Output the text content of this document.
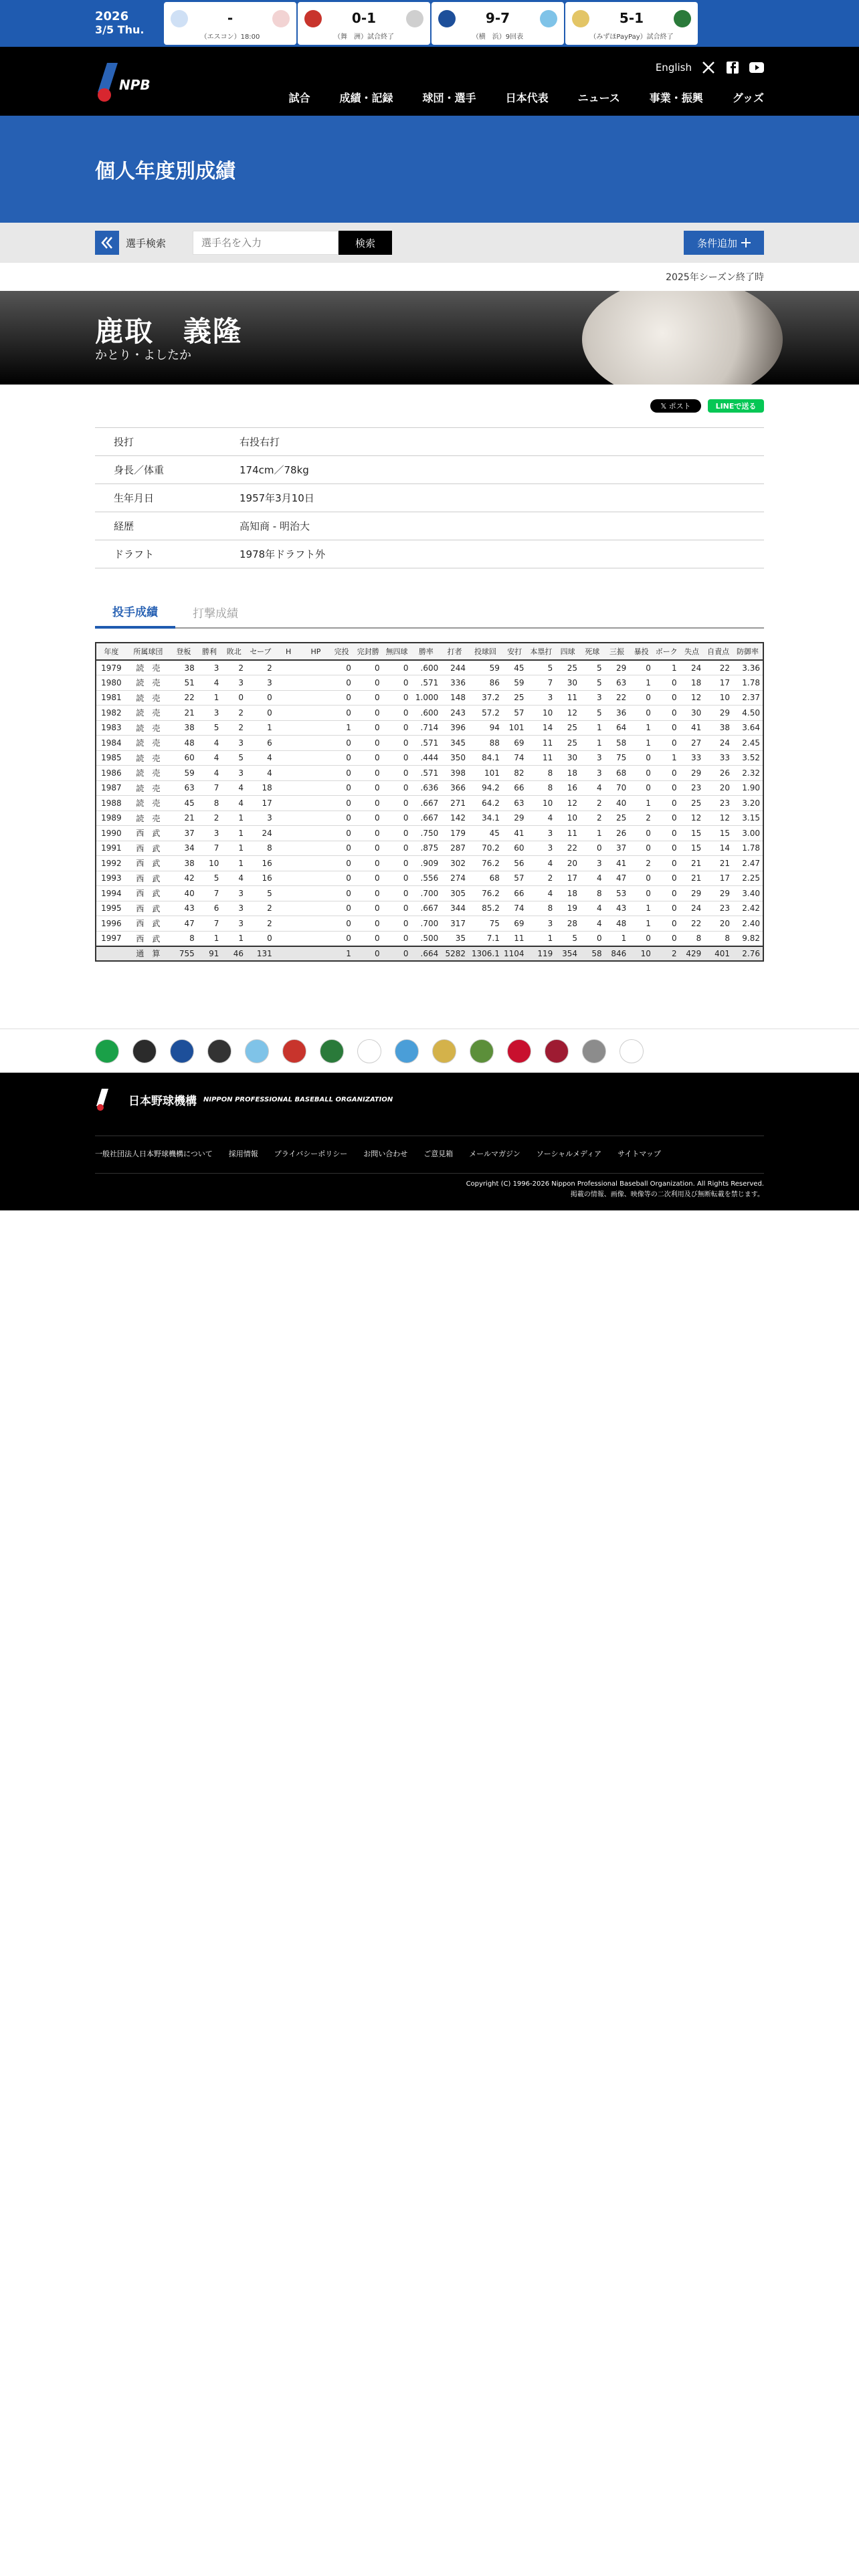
2026
3/5 Thu.
-
（エスコン）18:00
0-1
（舞　洲）試合終了
9-7
（横　浜）9回表
5-1
（みずほPayPay）試合終了
NPB
English
試合	成績・記録	球団・選手	日本代表	ニュース	事業・振興	グッズ
個人年度別成績
選手検索
選手名を入力	検索	条件追加
2025年シーズン終了時
鹿取　義隆
かとり・よしたか
𝕏 ポスト	LINEで送る
投打	右投右打
身長／体重	174cm／78kg
生年月日	1957年3月10日
経歴	高知商 - 明治大
ドラフト	1978年ドラフト外
投手成績	打撃成績
年度	所属球団	登板	勝利	敗北	セーブ	H	HP	完投	完封勝	無四球	勝率	打者	投球回	安打	本塁打	四球	死球	三振	暴投	ボーク	失点	自責点	防御率
1979	読　売	38	3	2	2			0	0	0	.600	244	59	45	5	25	5	29	0	1	24	22	3.36
1980	読　売	51	4	3	3			0	0	0	.571	336	86	59	7	30	5	63	1	0	18	17	1.78
1981	読　売	22	1	0	0			0	0	0	1.000	148	37.2	25	3	11	3	22	0	0	12	10	2.37
1982	読　売	21	3	2	0			0	0	0	.600	243	57.2	57	10	12	5	36	0	0	30	29	4.50
1983	読　売	38	5	2	1			1	0	0	.714	396	94	101	14	25	1	64	1	0	41	38	3.64
1984	読　売	48	4	3	6			0	0	0	.571	345	88	69	11	25	1	58	1	0	27	24	2.45
1985	読　売	60	4	5	4			0	0	0	.444	350	84.1	74	11	30	3	75	0	1	33	33	3.52
1986	読　売	59	4	3	4			0	0	0	.571	398	101	82	8	18	3	68	0	0	29	26	2.32
1987	読　売	63	7	4	18			0	0	0	.636	366	94.2	66	8	16	4	70	0	0	23	20	1.90
1988	読　売	45	8	4	17			0	0	0	.667	271	64.2	63	10	12	2	40	1	0	25	23	3.20
1989	読　売	21	2	1	3			0	0	0	.667	142	34.1	29	4	10	2	25	2	0	12	12	3.15
1990	西　武	37	3	1	24			0	0	0	.750	179	45	41	3	11	1	26	0	0	15	15	3.00
1991	西　武	34	7	1	8			0	0	0	.875	287	70.2	60	3	22	0	37	0	0	15	14	1.78
1992	西　武	38	10	1	16			0	0	0	.909	302	76.2	56	4	20	3	41	2	0	21	21	2.47
1993	西　武	42	5	4	16			0	0	0	.556	274	68	57	2	17	4	47	0	0	21	17	2.25
1994	西　武	40	7	3	5			0	0	0	.700	305	76.2	66	4	18	8	53	0	0	29	29	3.40
1995	西　武	43	6	3	2			0	0	0	.667	344	85.2	74	8	19	4	43	1	0	24	23	2.42
1996	西　武	47	7	3	2			0	0	0	.700	317	75	69	3	28	4	48	1	0	22	20	2.40
1997	西　武	8	1	1	0			0	0	0	.500	35	7.1	11	1	5	0	1	0	0	8	8	9.82
	通　算	755	91	46	131			1	0	0	.664	5282	1306.1	1104	119	354	58	846	10	2	429	401	2.76
日本野球機構 NIPPON PROFESSIONAL BASEBALL ORGANIZATION
一般社団法人日本野球機構について 採用情報 プライバシーポリシー お問い合わせ ご意見箱 メールマガジン ソーシャルメディア サイトマップ
Copyright (C) 1996-2026 Nippon Professional Baseball Organization. All Rights Reserved.
掲載の情報、画像、映像等の二次利用及び無断転載を禁じます。
